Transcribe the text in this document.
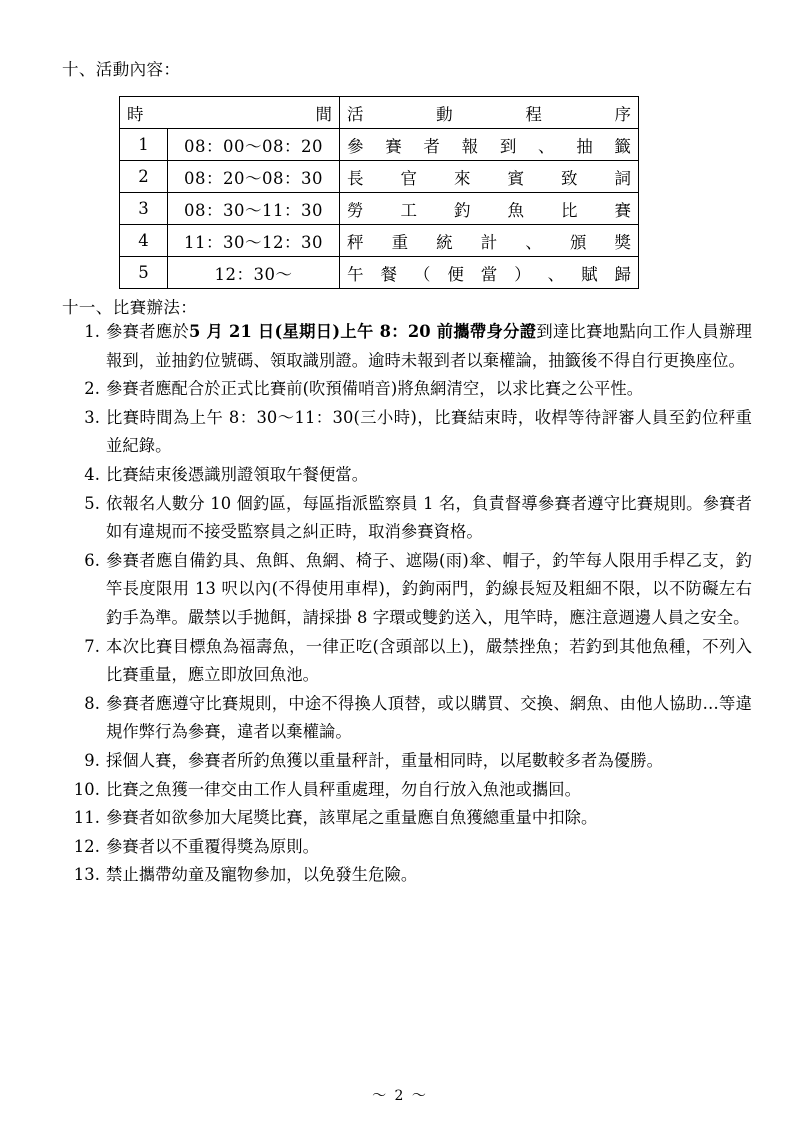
十、活動內容：
時 間		活 動 程 序

1	08：00～08：20	參 賽 者 報 到 、 抽 籤

2	08：20～08：30	長 官 來 賓 致 詞

3	08：30～11：30	勞 工 釣 魚 比 賽

4	11：30～12：30	秤 重 統 計 、 頒 獎

5	12：30～	午 餐 （ 便 當 ） 、 賦 歸
十一、比賽辦法：
1. 參賽者應於5 月 21 日(星期日)上午 8：20 前攜帶身分證到達比賽地點向工作人員辦理報到，並抽釣位號碼、領取識別證。逾時未報到者以棄權論，抽籤後不得自行更換座位。
2. 參賽者應配合於正式比賽前(吹預備哨音)將魚網清空，以求比賽之公平性。
3. 比賽時間為上午 8：30～11：30(三小時)，比賽結束時，收桿等待評審人員至釣位秤重並紀錄。
4. 比賽結束後憑識別證領取午餐便當。
5. 依報名人數分 10 個釣區，每區指派監察員 1 名，負責督導參賽者遵守比賽規則。參賽者如有違規而不接受監察員之糾正時，取消參賽資格。
6. 參賽者應自備釣具、魚餌、魚網、椅子、遮陽(雨)傘、帽子，釣竿每人限用手桿乙支，釣竿長度限用 13 呎以內(不得使用車桿)，釣鉤兩門，釣線長短及粗細不限，以不防礙左右釣手為準。嚴禁以手拋餌，請採掛 8 字環或雙釣送入，甩竿時，應注意週邊人員之安全。
7. 本次比賽目標魚為福壽魚，一律正吃(含頭部以上)，嚴禁挫魚；若釣到其他魚種，不列入比賽重量，應立即放回魚池。
8. 參賽者應遵守比賽規則，中途不得換人頂替，或以購買、交換、網魚、由他人協助…等違規作弊行為參賽，違者以棄權論。
9. 採個人賽，參賽者所釣魚獲以重量秤計，重量相同時，以尾數較多者為優勝。
10. 比賽之魚獲一律交由工作人員秤重處理，勿自行放入魚池或攜回。
11. 參賽者如欲參加大尾獎比賽，該單尾之重量應自魚獲總重量中扣除。
12. 參賽者以不重覆得獎為原則。
13. 禁止攜帶幼童及寵物參加，以免發生危險。
～ 2 ～
